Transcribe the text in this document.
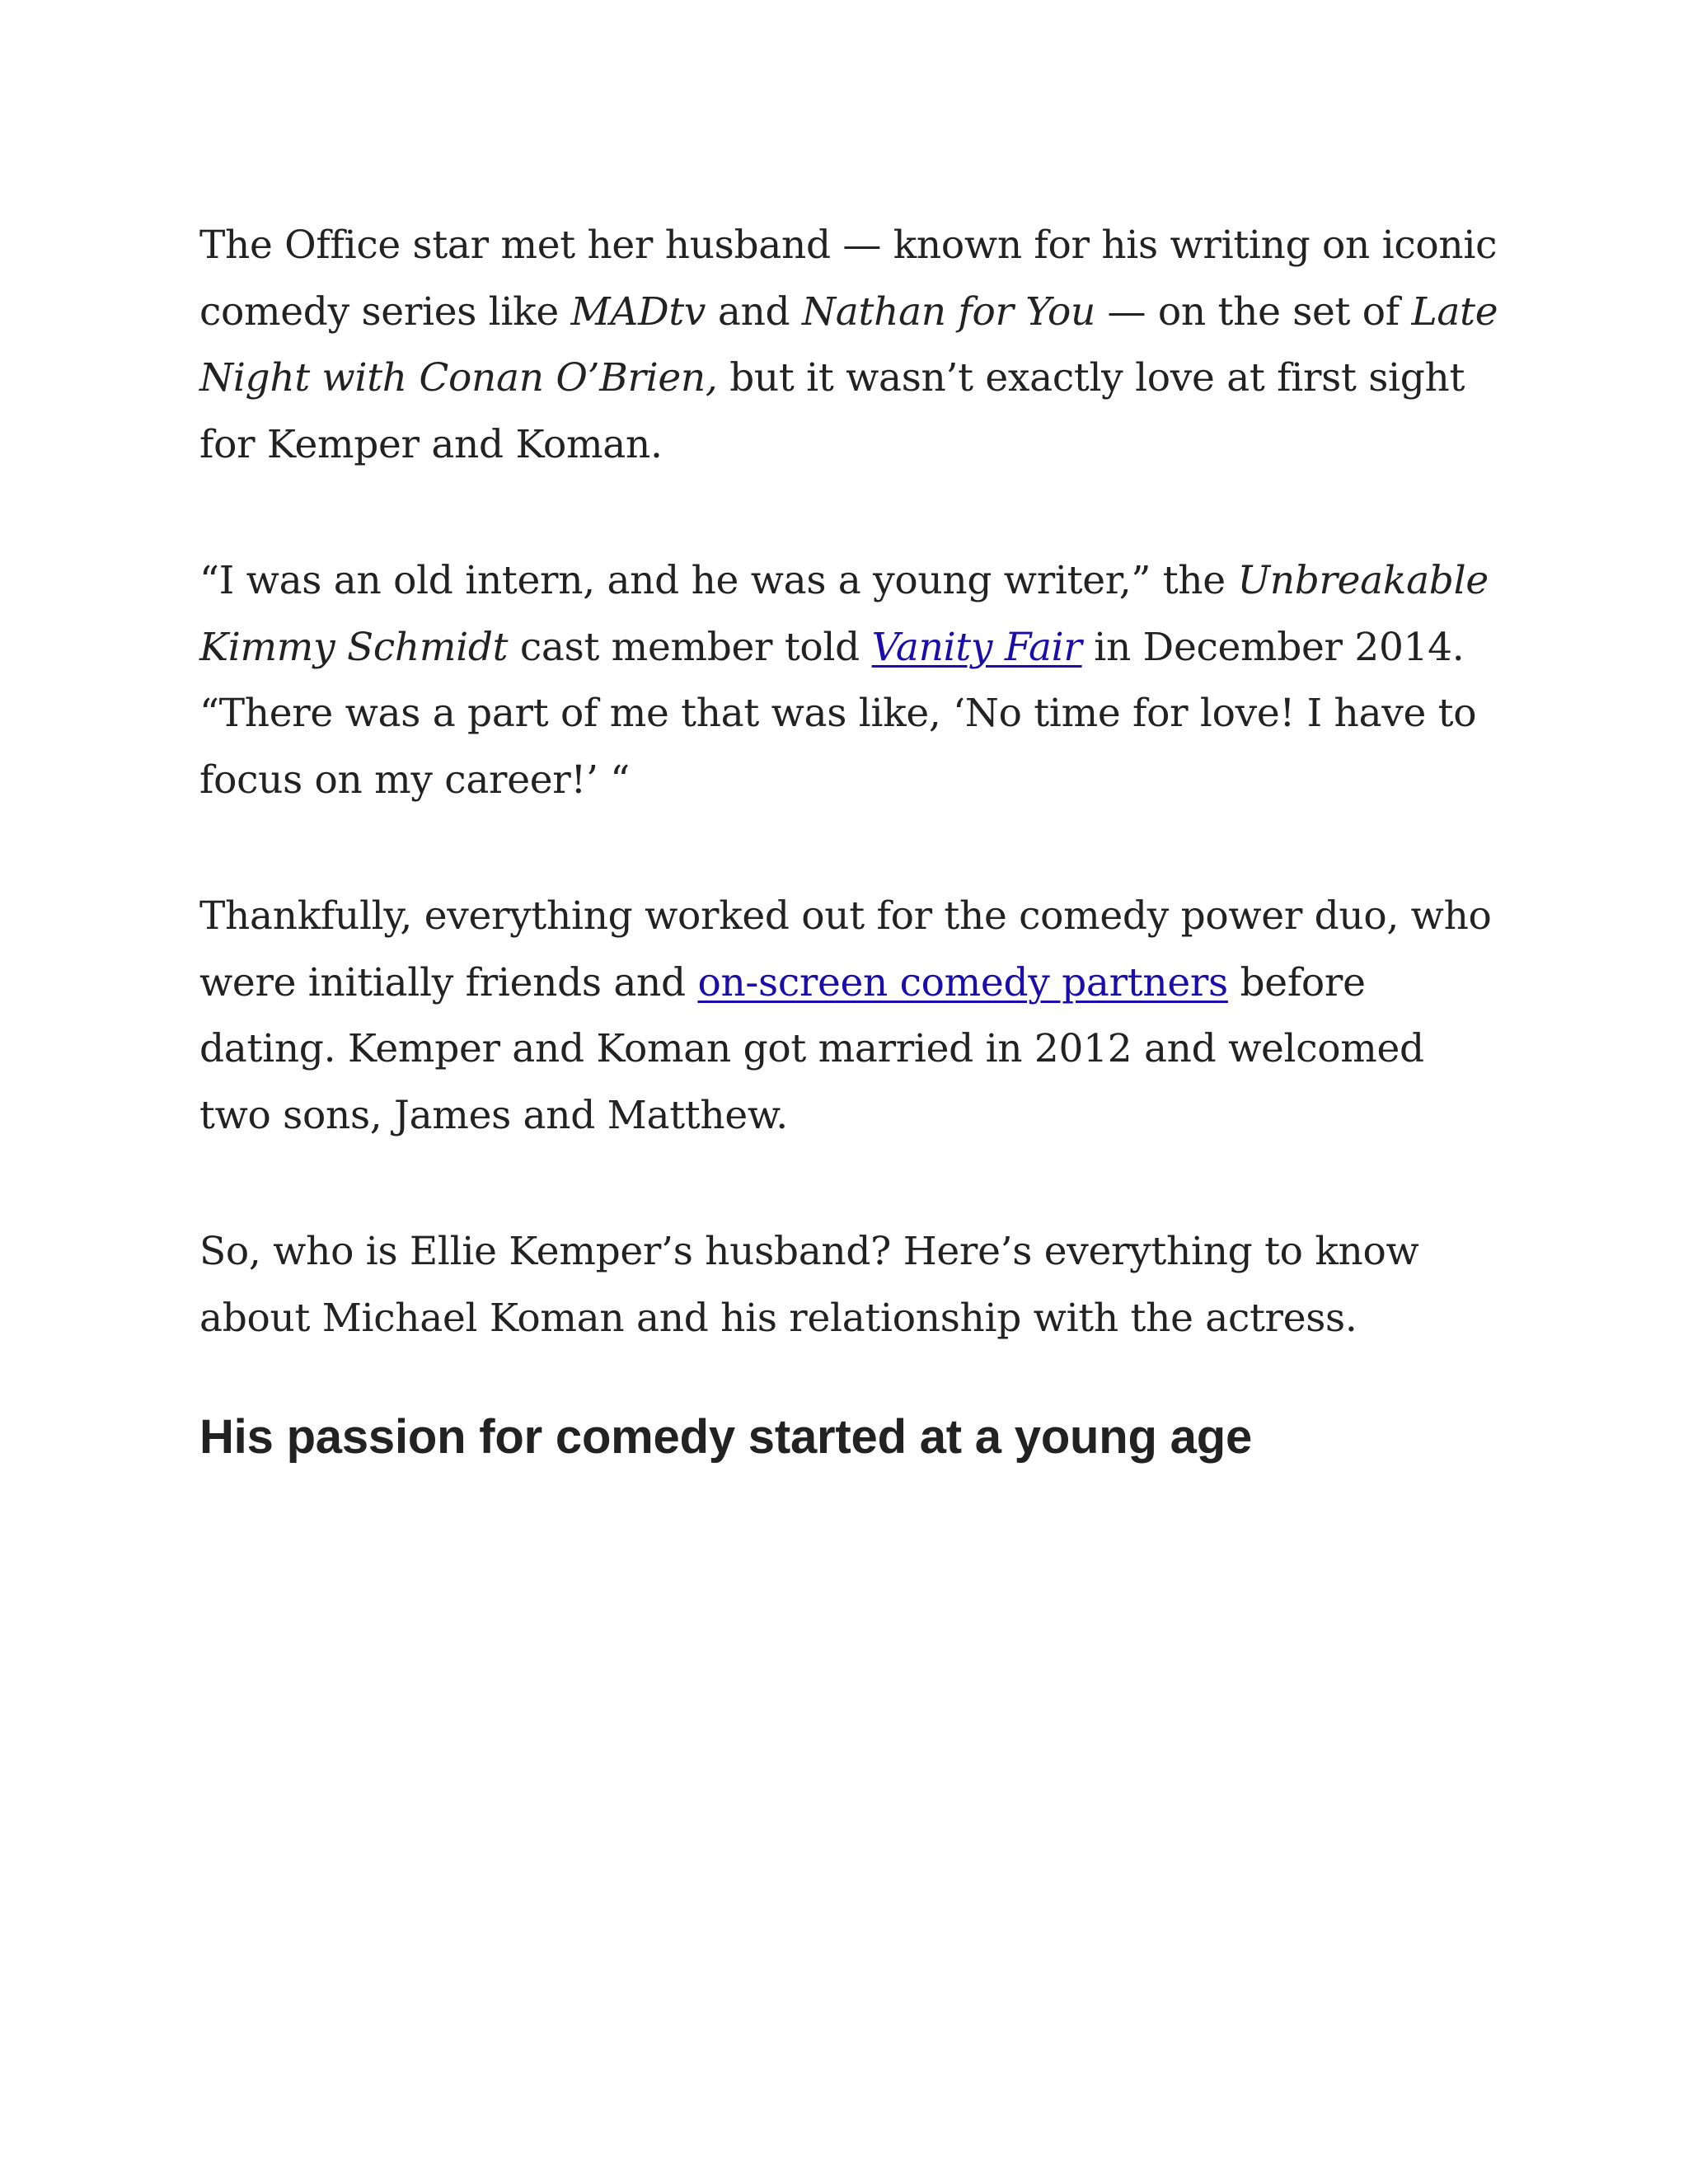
The Office star met her husband — known for his writing on iconic comedy series like MADtv and Nathan for You — on the set of Late Night with Conan O’Brien, but it wasn’t exactly love at first sight for Kemper and Koman.

“I was an old intern, and he was a young writer,” the Unbreakable Kimmy Schmidt cast member told Vanity Fair in December 2014. “There was a part of me that was like, ‘No time for love! I have to focus on my career!’ “

Thankfully, everything worked out for the comedy power duo, who were initially friends and on-screen comedy partners before dating. Kemper and Koman got married in 2012 and welcomed two sons, James and Matthew.

So, who is Ellie Kemper’s husband? Here’s everything to know about Michael Koman and his relationship with the actress.

His passion for comedy started at a young age
